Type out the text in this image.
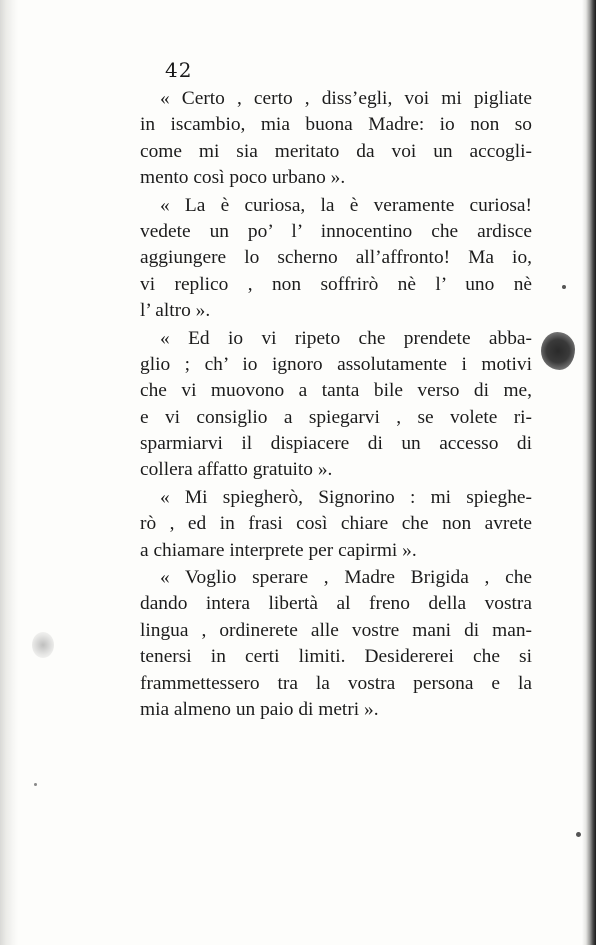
42
« Certo , certo , diss’egli, voi mi pigliate
in iscambio, mia buona Madre: io non so
come mi sia meritato da voi un accogli-
mento così poco urbano ».
« La è curiosa, la è veramente curiosa!
vedete un po’ l’ innocentino che ardisce
aggiungere lo scherno all’affronto! Ma io,
vi replico , non soffrirò nè l’ uno nè
l’ altro ».
« Ed io vi ripeto che prendete abba-
glio ; ch’ io ignoro assolutamente i motivi
che vi muovono a tanta bile verso di me,
e vi consiglio a spiegarvi , se volete ri-
sparmiarvi il dispiacere di un accesso di
collera affatto gratuito ».
« Mi spiegherò, Signorino : mi spieghe-
rò , ed in frasi così chiare che non avrete
a chiamare interprete per capirmi ».
« Voglio sperare , Madre Brigida , che
dando intera libertà al freno della vostra
lingua , ordinerete alle vostre mani di man-
tenersi in certi limiti. Desidererei che si
frammettessero tra la vostra persona e la
mia almeno un paio di metri ».
